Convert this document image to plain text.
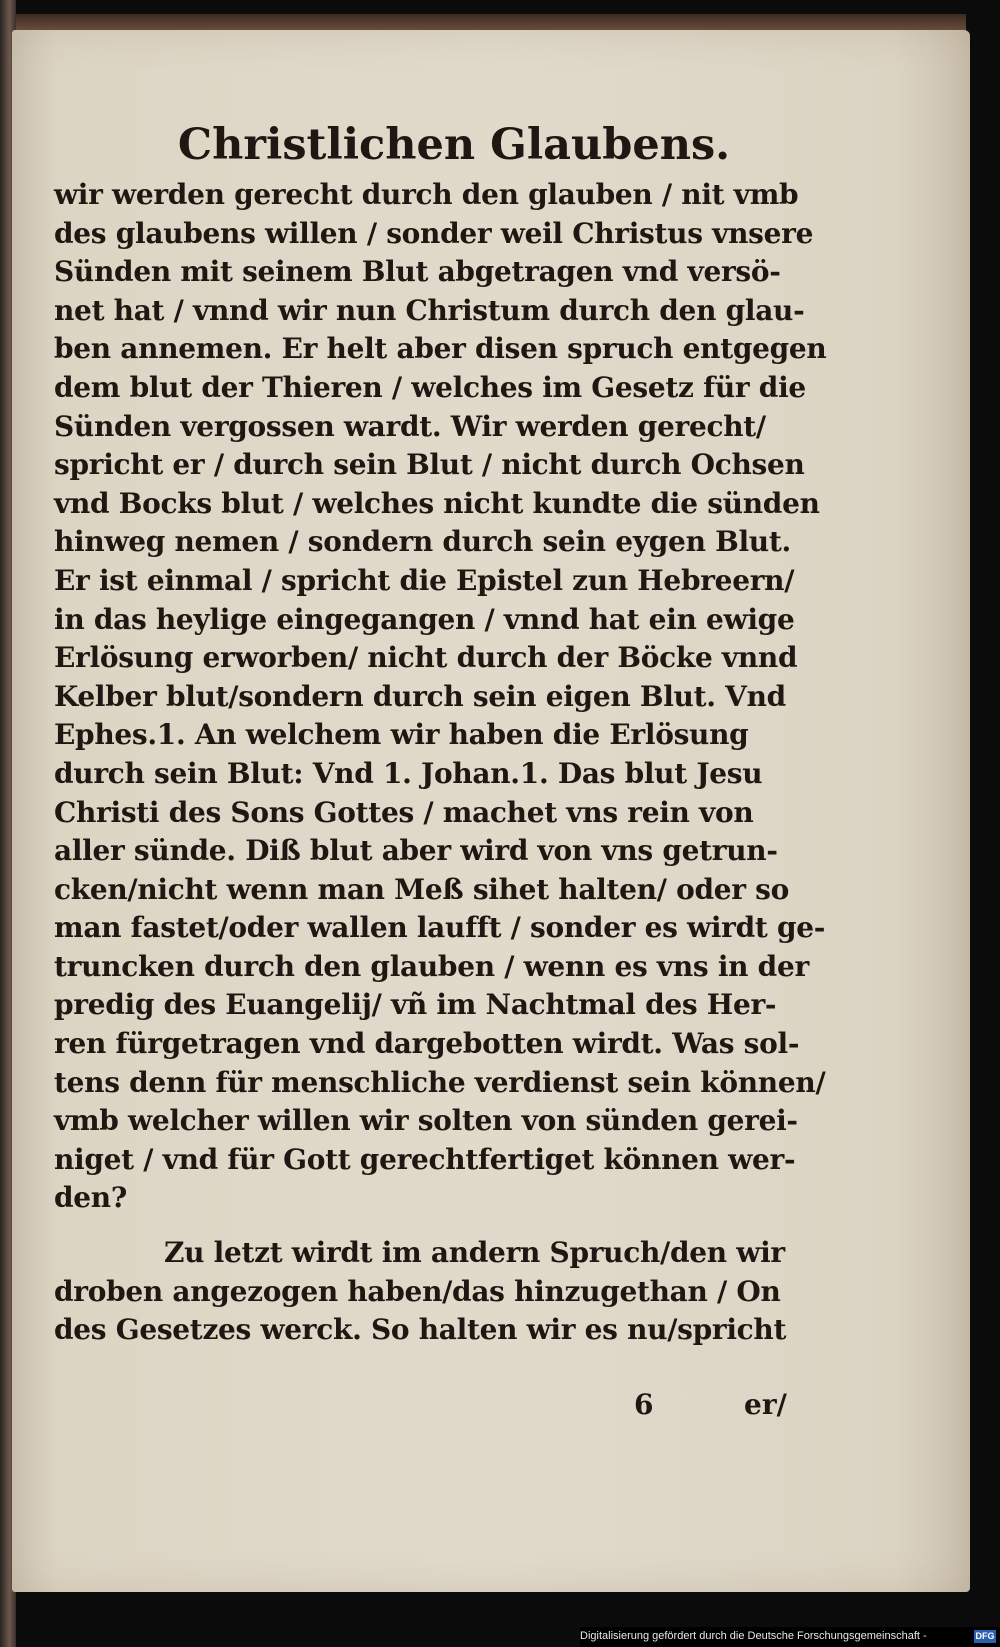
Christlichen Glaubens.
wir werden gerecht durch den glauben / nit vmb
des glaubens willen / sonder weil Christus vnsere
Sünden mit seinem Blut abgetragen vnd versö-
net hat / vnnd wir nun Christum durch den glau-
ben annemen. Er helt aber disen spruch entgegen
dem blut der Thieren / welches im Gesetz für die
Sünden vergossen wardt. Wir werden gerecht/
spricht er / durch sein Blut / nicht durch Ochsen
vnd Bocks blut / welches nicht kundte die sünden
hinweg nemen / sondern durch sein eygen Blut.
Er ist einmal / spricht die Epistel zun Hebreern/
in das heylige eingegangen / vnnd hat ein ewige
Erlösung erworben/ nicht durch der Böcke vnnd
Kelber blut/sondern durch sein eigen Blut. Vnd
Ephes.1. An welchem wir haben die Erlösung
durch sein Blut: Vnd 1. Johan.1. Das blut Jesu
Christi des Sons Gottes / machet vns rein von
aller sünde. Diß blut aber wird von vns getrun-
cken/nicht wenn man Meß sihet halten/ oder so
man fastet/oder wallen laufft / sonder es wirdt ge-
truncken durch den glauben / wenn es vns in der
predig des Euangelij/ vñ im Nachtmal des Her-
ren fürgetragen vnd dargebotten wirdt. Was sol-
tens denn für menschliche verdienst sein können/
vmb welcher willen wir solten von sünden gerei-
niget / vnd für Gott gerechtfertiget können wer-
den?
Zu letzt wirdt im andern Spruch/den wir
droben angezogen haben/das hinzugethan / On
des Gesetzes werck. So halten wir es nu/spricht
6	er/
Digitalisierung gefördert durch die Deutsche Forschungsgemeinschaft -	DFG
